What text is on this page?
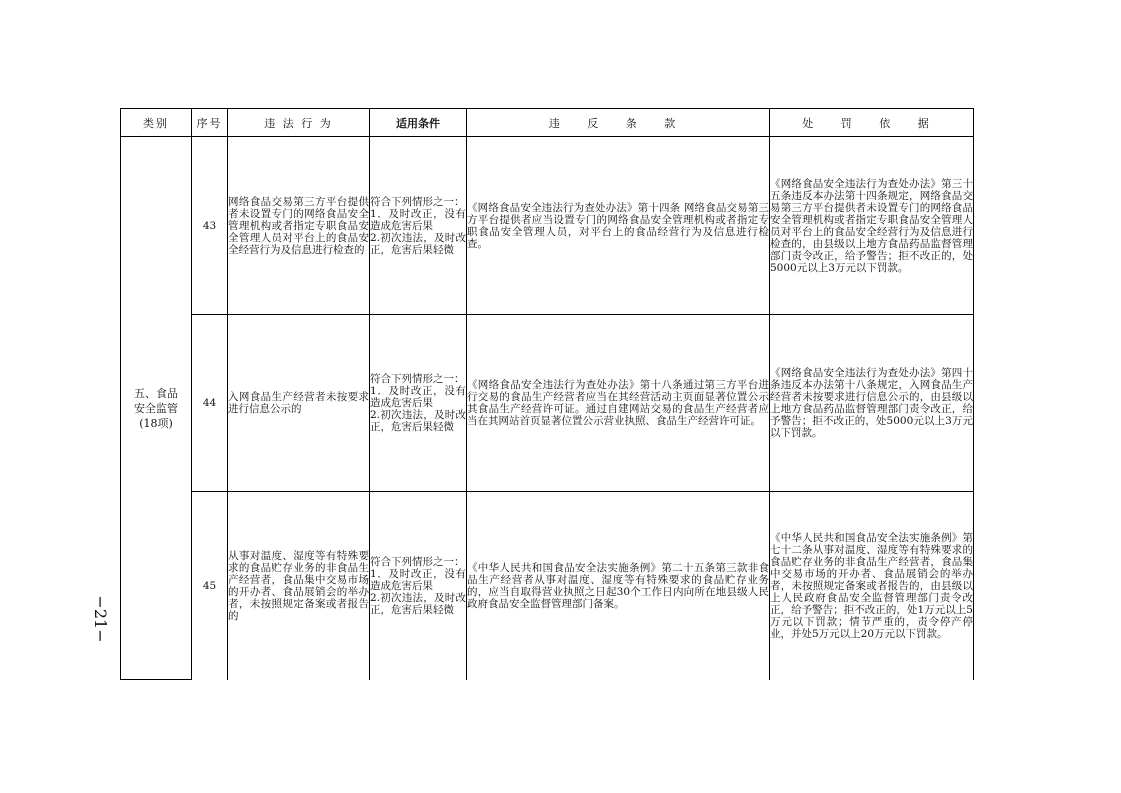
−21−
类别	序号	违 法 行 为	适用条件	违 反 条 款	处 罚 依 据
五、食品
安全监管
(18项)	43	网络食品交易第三方平台提供者未设置专门的网络食品安全管理机构或者指定专职食品安全管理人员对平台上的食品安全经营行为及信息进行检查的	符合下列情形之一：
1．及时改正，没有造成危害后果
2.初次违法，及时改正，危害后果轻微	《网络食品安全违法行为查处办法》第十四条 网络食品交易第三方平台提供者应当设置专门的网络食品安全管理机构或者指定专职食品安全管理人员，对平台上的食品经营行为及信息进行检查。	《网络食品安全违法行为查处办法》第三十五条违反本办法第十四条规定，网络食品交易第三方平台提供者未设置专门的网络食品安全管理机构或者指定专职食品安全管理人员对平台上的食品安全经营行为及信息进行检查的，由县级以上地方食品药品监督管理部门责令改正，给予警告；拒不改正的，处5000元以上3万元以下罚款。
	44	入网食品生产经营者未按要求进行信息公示的	符合下列情形之一：
1．及时改正，没有造成危害后果
2.初次违法，及时改正，危害后果轻微	《网络食品安全违法行为查处办法》第十八条通过第三方平台进行交易的食品生产经营者应当在其经营活动主页面显著位置公示其食品生产经营许可证。通过自建网站交易的食品生产经营者应当在其网站首页显著位置公示营业执照、食品生产经营许可证。	《网络食品安全违法行为查处办法》第四十条违反本办法第十八条规定，入网食品生产经营者未按要求进行信息公示的，由县级以上地方食品药品监督管理部门责令改正，给予警告；拒不改正的，处5000元以上3万元以下罚款。
	45	从事对温度、湿度等有特殊要求的食品贮存业务的非食品生产经营者，食品集中交易市场的开办者、食品展销会的举办者，未按照规定备案或者报告的	符合下列情形之一：
1．及时改正，没有造成危害后果
2.初次违法，及时改正，危害后果轻微	《中华人民共和国食品安全法实施条例》第二十五条第三款非食品生产经营者从事对温度、湿度等有特殊要求的食品贮存业务的，应当自取得营业执照之日起30个工作日内向所在地县级人民政府食品安全监督管理部门备案。	《中华人民共和国食品安全法实施条例》第七十二条从事对温度、湿度等有特殊要求的食品贮存业务的非食品生产经营者，食品集中交易市场的开办者、食品展销会的举办者，未按照规定备案或者报告的，由县级以上人民政府食品安全监督管理部门责令改正，给予警告；拒不改正的，处1万元以上5万元以下罚款；情节严重的，责令停产停业，并处5万元以上20万元以下罚款。
